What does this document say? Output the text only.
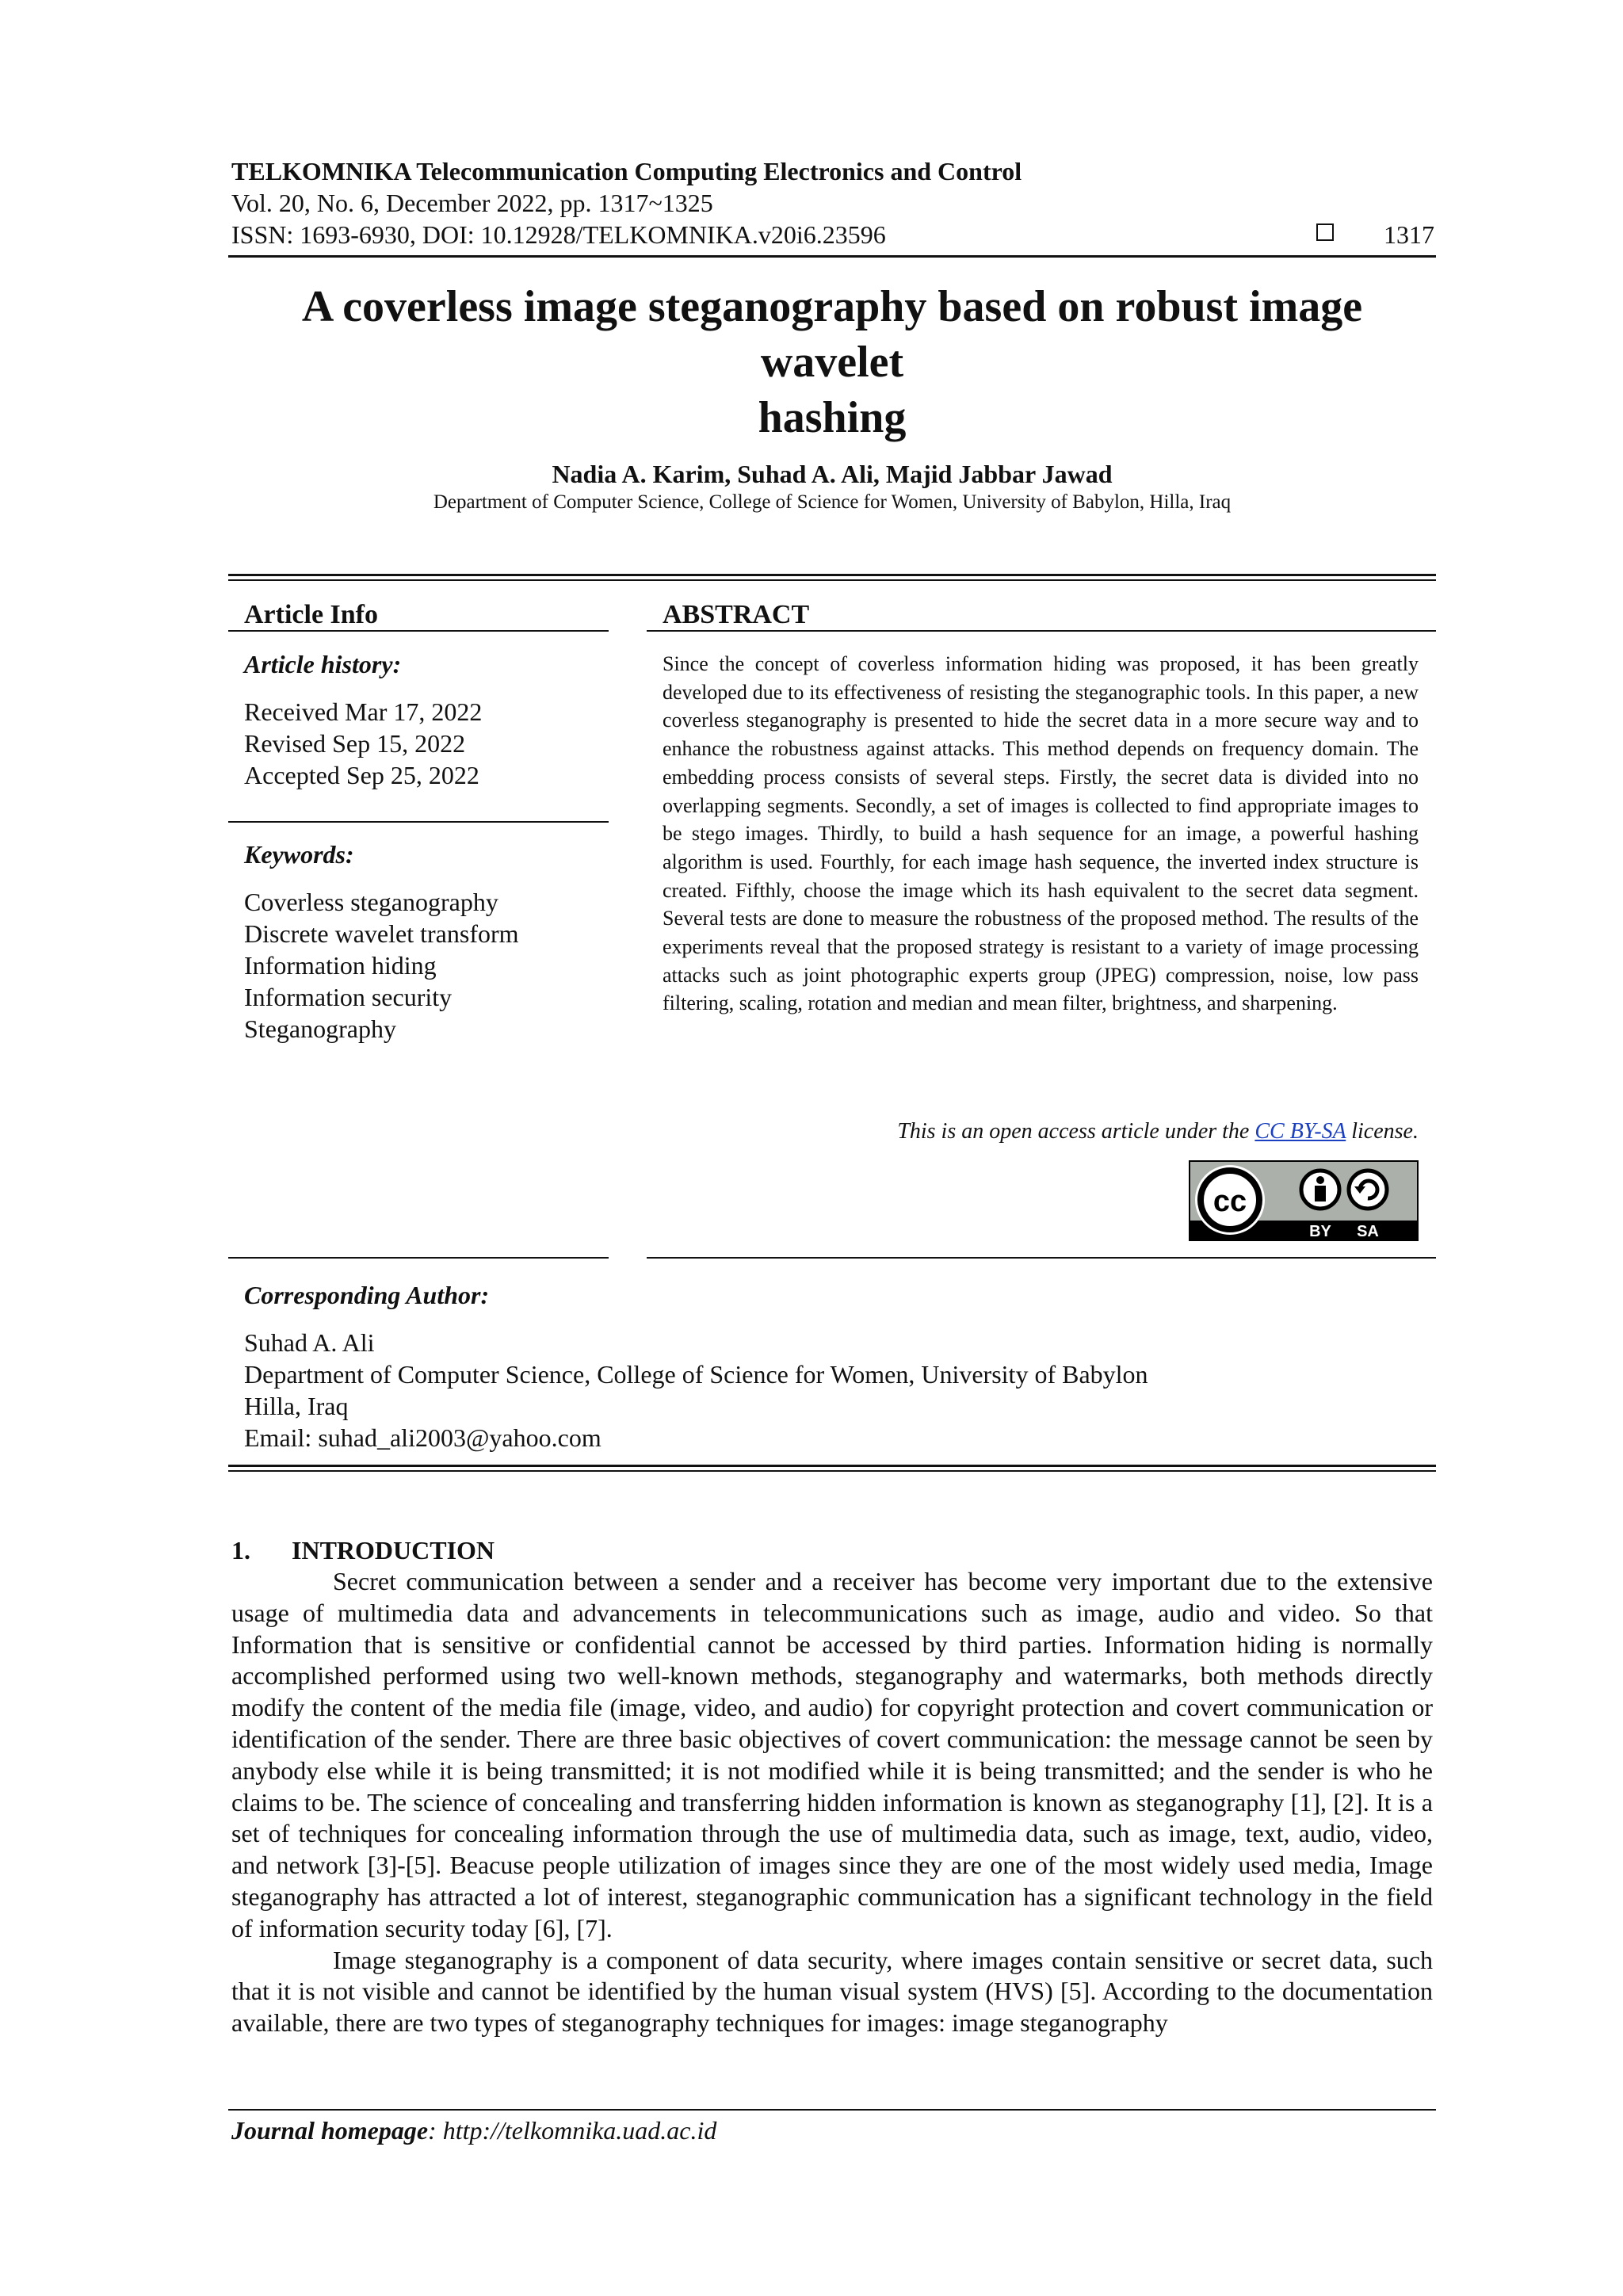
TELKOMNIKA Telecommunication Computing Electronics and Control
Vol. 20, No. 6, December 2022, pp. 1317~1325
ISSN: 1693-6930, DOI: 10.12928/TELKOMNIKA.v20i6.23596	1317
A coverless image steganography based on robust image wavelet
hashing
Nadia A. Karim, Suhad A. Ali, Majid Jabbar Jawad
Department of Computer Science, College of Science for Women, University of Babylon, Hilla, Iraq
Article Info
Article history:
Received Mar 17, 2022
Revised Sep 15, 2022
Accepted Sep 25, 2022
Keywords:
Coverless steganography
Discrete wavelet transform
Information hiding
Information security
Steganography
ABSTRACT
Since the concept of coverless information hiding was proposed, it has been greatly developed due to its effectiveness of resisting the steganographic tools. In this paper, a new coverless steganography is presented to hide the secret data in a more secure way and to enhance the robustness against attacks. This method depends on frequency domain. The embedding process consists of several steps. Firstly, the secret data is divided into no overlapping segments. Secondly, a set of images is collected to find appropriate images to be stego images. Thirdly, to build a hash sequence for an image, a powerful hashing algorithm is used. Fourthly, for each image hash sequence, the inverted index structure is created. Fifthly, choose the image which its hash equivalent to the secret data segment. Several tests are done to measure the robustness of the proposed method. The results of the experiments reveal that the proposed strategy is resistant to a variety of image processing attacks such as joint photographic experts group (JPEG) compression, noise, low pass filtering, scaling, rotation and median and mean filter, brightness, and sharpening.
This is an open access article under the CC BY-SA license.
cc
BY SA
Corresponding Author:
Suhad A. Ali
Department of Computer Science, College of Science for Women, University of Babylon
Hilla, Iraq
Email: suhad_ali2003@yahoo.com
1. INTRODUCTION

Secret communication between a sender and a receiver has become very important due to the extensive usage of multimedia data and advancements in telecommunications such as image, audio and video. So that Information that is sensitive or confidential cannot be accessed by third parties. Information hiding is normally accomplished performed using two well-known methods, steganography and watermarks, both methods directly modify the content of the media file (image, video, and audio) for copyright protection and covert communication or identification of the sender. There are three basic objectives of covert communication: the message cannot be seen by anybody else while it is being transmitted; it is not modified while it is being transmitted; and the sender is who he claims to be. The science of concealing and transferring hidden information is known as steganography [1], [2]. It is a set of techniques for concealing information through the use of multimedia data, such as image, text, audio, video, and network [3]-[5]. Beacuse people utilization of images since they are one of the most widely used media, Image steganography has attracted a lot of interest, steganographic communication has a significant technology in the field of information security today [6], [7].

Image steganography is a component of data security, where images contain sensitive or secret data, such that it is not visible and cannot be identified by the human visual system (HVS) [5]. According to the documentation available, there are two types of steganography techniques for images: image steganography

Journal homepage: http://telkomnika.uad.ac.id
